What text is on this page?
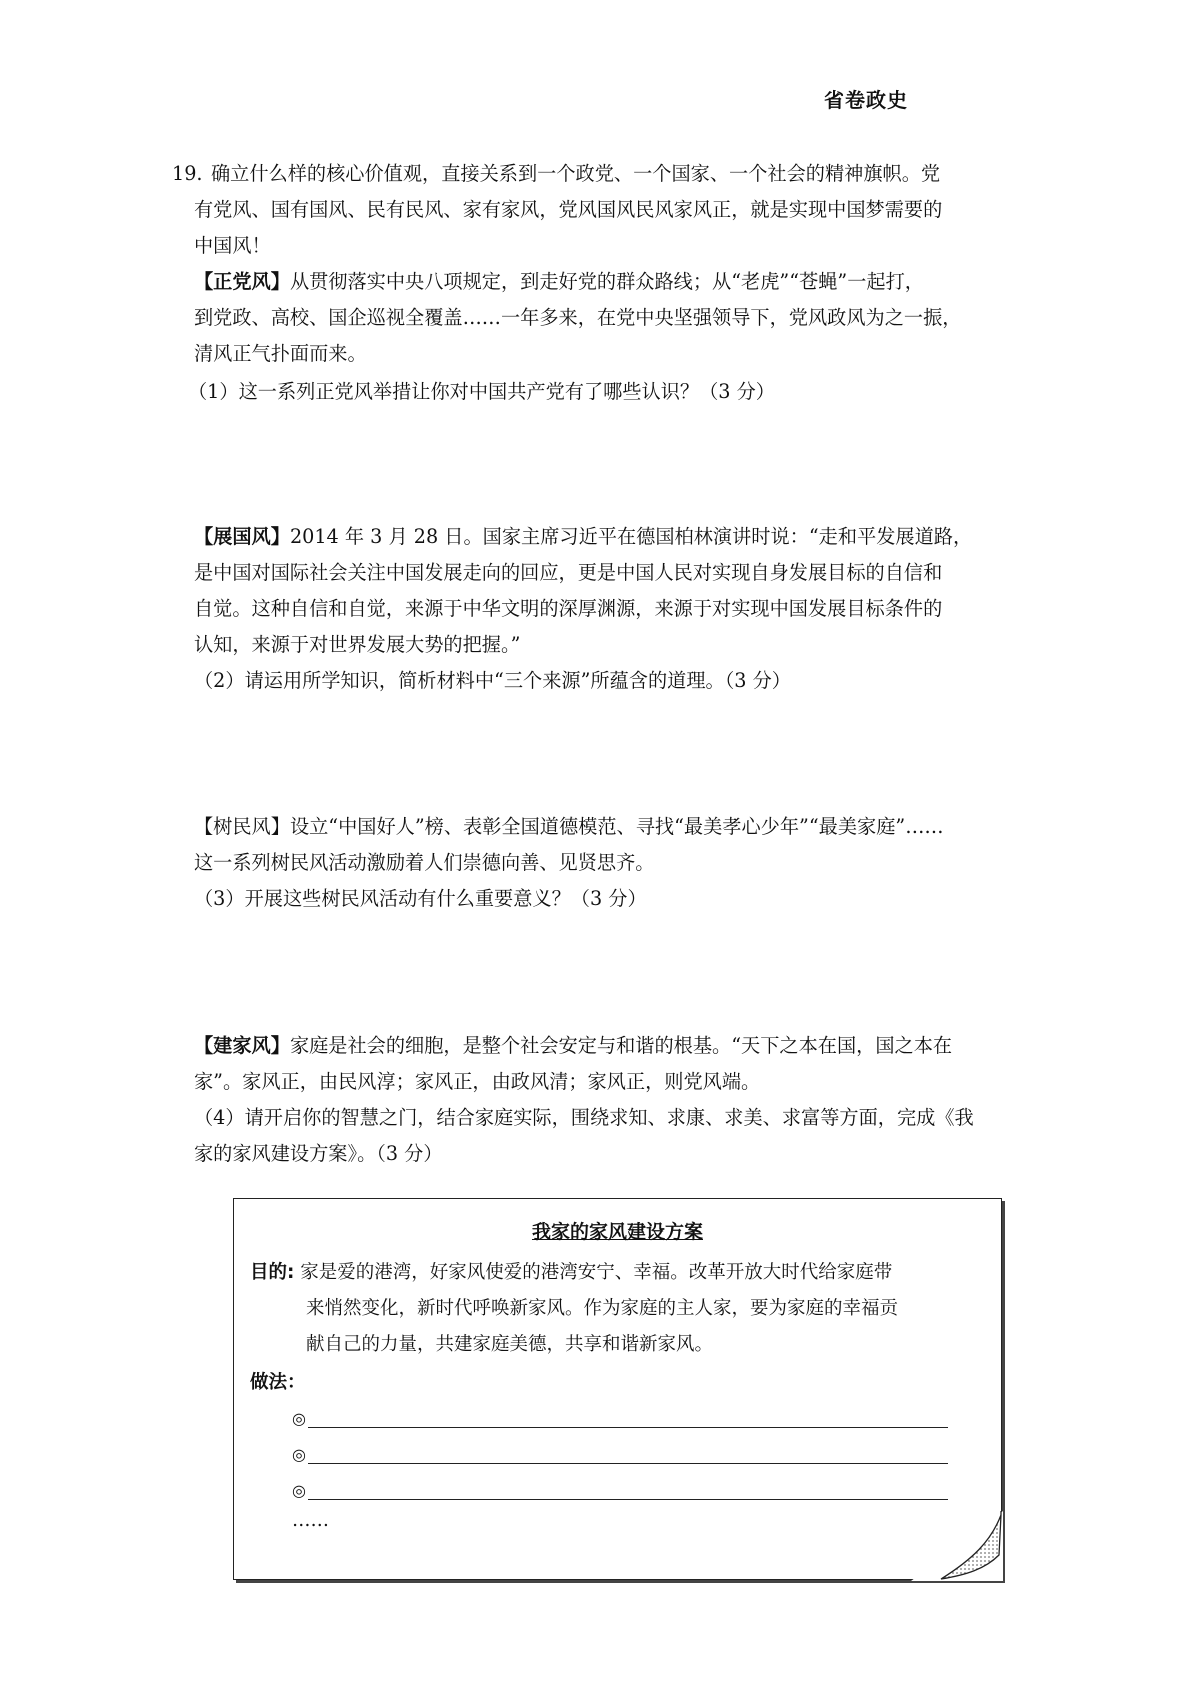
省卷政史
19. 确立什么样的核心价值观，直接关系到一个政党、一个国家、一个社会的精神旗帜。党
有党风、国有国风、民有民风、家有家风，党风国风民风家风正，就是实现中国梦需要的
中国风！
【正党风】从贯彻落实中央八项规定，到走好党的群众路线；从“老虎”“苍蝇”一起打，
到党政、高校、国企巡视全覆盖……一年多来，在党中央坚强领导下，党风政风为之一振，
清风正气扑面而来。
（1）这一系列正党风举措让你对中国共产党有了哪些认识？（3 分）
【展国风】2014 年 3 月 28 日。国家主席习近平在德国柏林演讲时说：“走和平发展道路，
是中国对国际社会关注中国发展走向的回应，更是中国人民对实现自身发展目标的自信和
自觉。这种自信和自觉，来源于中华文明的深厚渊源，来源于对实现中国发展目标条件的
认知，来源于对世界发展大势的把握。”
（2）请运用所学知识，简析材料中“三个来源”所蕴含的道理。（3 分）
【树民风】设立“中国好人”榜、表彰全国道德模范、寻找“最美孝心少年”“最美家庭”……
这一系列树民风活动激励着人们崇德向善、见贤思齐。
（3）开展这些树民风活动有什么重要意义？（3 分）
【建家风】家庭是社会的细胞，是整个社会安定与和谐的根基。“天下之本在国，国之本在
家”。家风正，由民风淳；家风正，由政风清；家风正，则党风端。
（4）请开启你的智慧之门，结合家庭实际，围绕求知、求康、求美、求富等方面，完成《我
家的家风建设方案》。（3 分）
我家的家风建设方案
目的: 家是爱的港湾，好家风使爱的港湾安宁、幸福。改革开放大时代给家庭带
来悄然变化，新时代呼唤新家风。作为家庭的主人家，要为家庭的幸福贡
献自己的力量，共建家庭美德，共享和谐新家风。
做法：
◎
◎
◎
……
